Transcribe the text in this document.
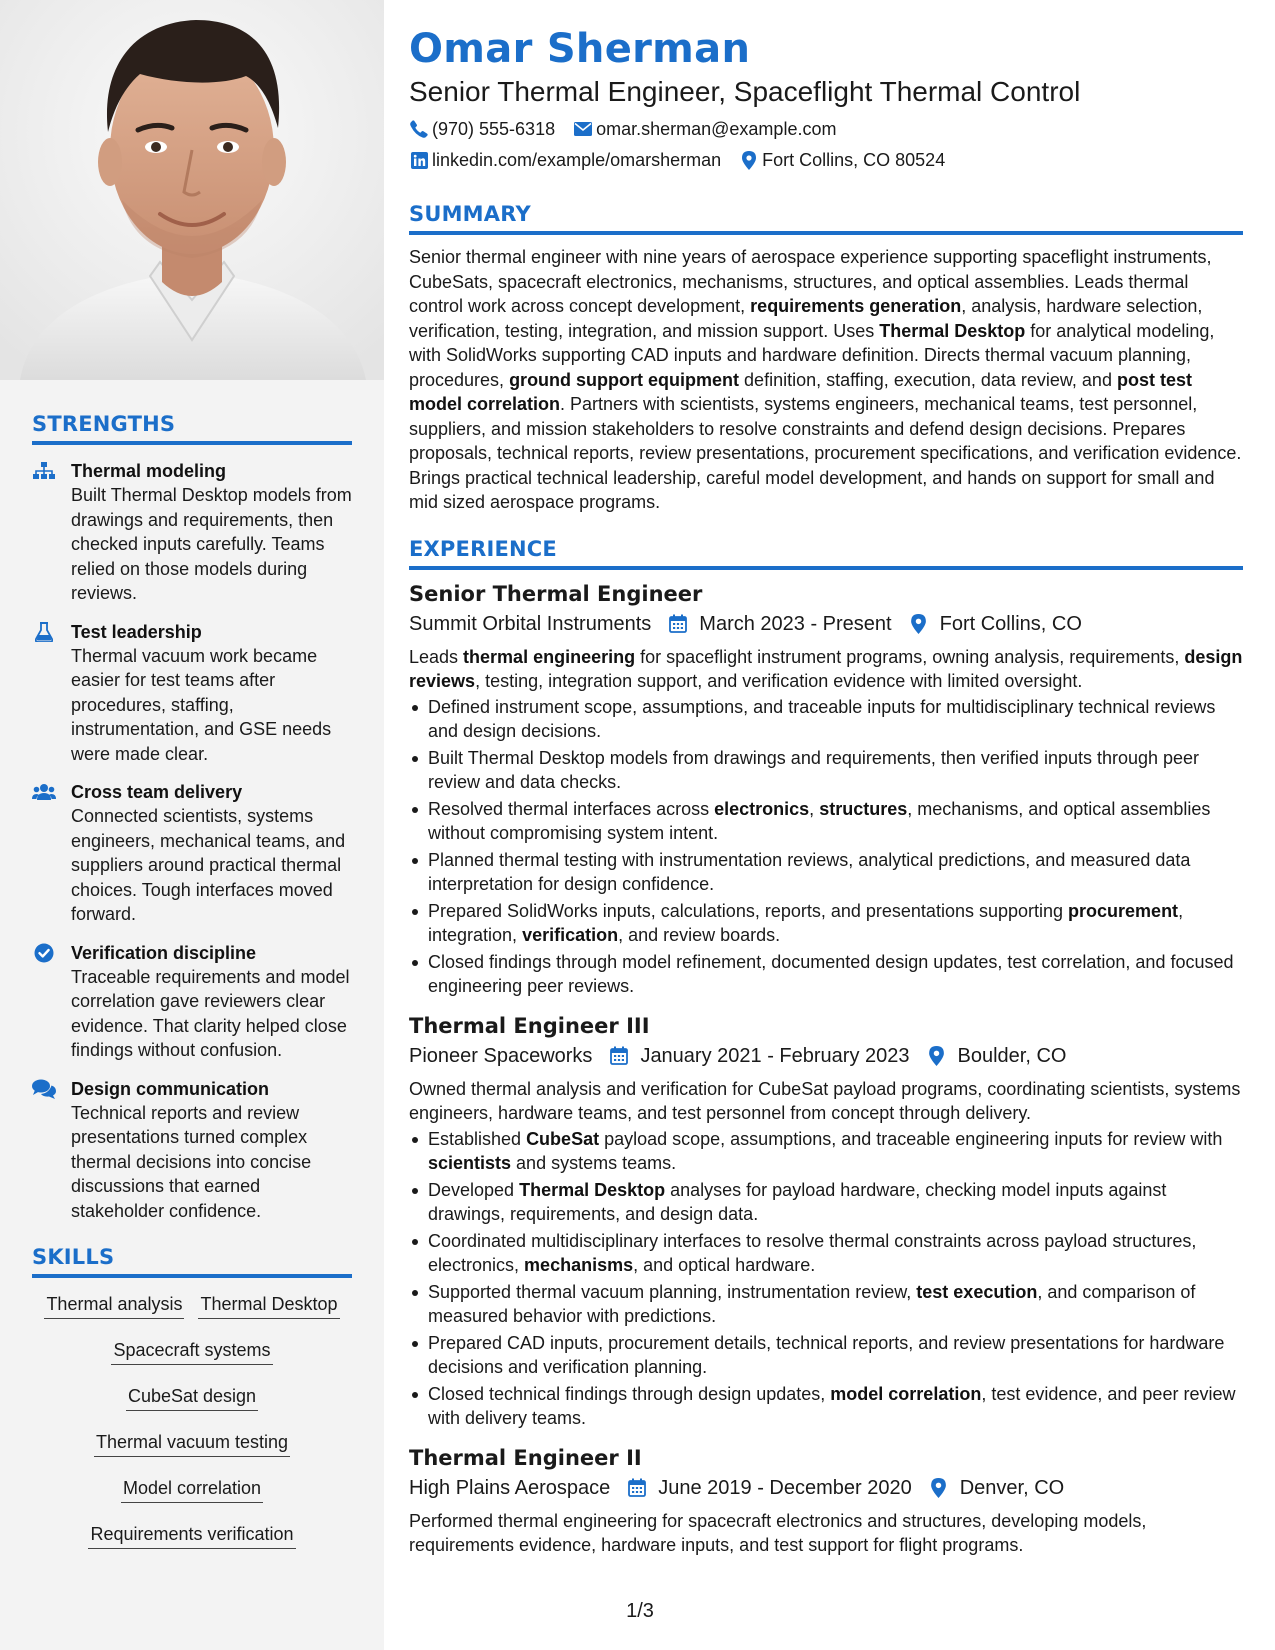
STRENGTHS
Thermal modeling
Built Thermal Desktop models from drawings and requirements, then checked inputs carefully. Teams relied on those models during reviews.
Test leadership
Thermal vacuum work became easier for test teams after procedures, staffing, instrumentation, and GSE needs were made clear.
Cross team delivery
Connected scientists, systems engineers, mechanical teams, and suppliers around practical thermal choices. Tough interfaces moved forward.
Verification discipline
Traceable requirements and model correlation gave reviewers clear evidence. That clarity helped close findings without confusion.
Design communication
Technical reports and review presentations turned complex thermal decisions into concise discussions that earned stakeholder confidence.
SKILLS
Thermal analysis Thermal Desktop
Spacecraft systems
CubeSat design
Thermal vacuum testing
Model correlation
Requirements verification
Omar Sherman
Senior Thermal Engineer, Spaceflight Thermal Control
(970) 555-6318 omar.sherman@example.com
linkedin.com/example/omarsherman Fort Collins, CO 80524
SUMMARY
Senior thermal engineer with nine years of aerospace experience supporting spaceflight instruments, CubeSats, spacecraft electronics, mechanisms, structures, and optical assemblies. Leads thermal control work across concept development, requirements generation, analysis, hardware selection, verification, testing, integration, and mission support. Uses Thermal Desktop for analytical modeling, with SolidWorks supporting CAD inputs and hardware definition. Directs thermal vacuum planning, procedures, ground support equipment definition, staffing, execution, data review, and post test model correlation. Partners with scientists, systems engineers, mechanical teams, test personnel, suppliers, and mission stakeholders to resolve constraints and defend design decisions. Prepares proposals, technical reports, review presentations, procurement specifications, and verification evidence. Brings practical technical leadership, careful model development, and hands on support for small and mid sized aerospace programs.
EXPERIENCE
Senior Thermal Engineer
Summit Orbital Instruments March 2023 - Present Fort Collins, CO
Leads thermal engineering for spaceflight instrument programs, owning analysis, requirements, design reviews, testing, integration support, and verification evidence with limited oversight.
Defined instrument scope, assumptions, and traceable inputs for multidisciplinary technical reviews and design decisions.
Built Thermal Desktop models from drawings and requirements, then verified inputs through peer review and data checks.
Resolved thermal interfaces across electronics, structures, mechanisms, and optical assemblies without compromising system intent.
Planned thermal testing with instrumentation reviews, analytical predictions, and measured data interpretation for design confidence.
Prepared SolidWorks inputs, calculations, reports, and presentations supporting procurement, integration, verification, and review boards.
Closed findings through model refinement, documented design updates, test correlation, and focused engineering peer reviews.
Thermal Engineer III
Pioneer Spaceworks January 2021 - February 2023 Boulder, CO
Owned thermal analysis and verification for CubeSat payload programs, coordinating scientists, systems engineers, hardware teams, and test personnel from concept through delivery.
Established CubeSat payload scope, assumptions, and traceable engineering inputs for review with scientists and systems teams.
Developed Thermal Desktop analyses for payload hardware, checking model inputs against drawings, requirements, and design data.
Coordinated multidisciplinary interfaces to resolve thermal constraints across payload structures, electronics, mechanisms, and optical hardware.
Supported thermal vacuum planning, instrumentation review, test execution, and comparison of measured behavior with predictions.
Prepared CAD inputs, procurement details, technical reports, and review presentations for hardware decisions and verification planning.
Closed technical findings through design updates, model correlation, test evidence, and peer review with delivery teams.
Thermal Engineer II
High Plains Aerospace June 2019 - December 2020 Denver, CO
Performed thermal engineering for spacecraft electronics and structures, developing models, requirements evidence, hardware inputs, and test support for flight programs.
1/3
